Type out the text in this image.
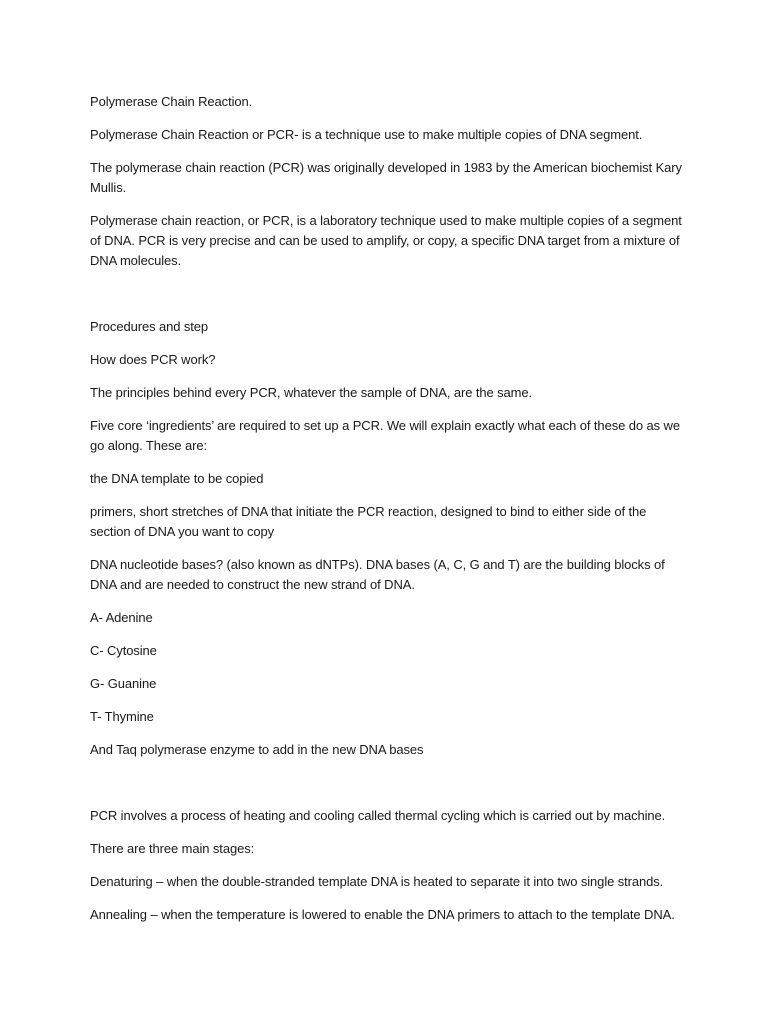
Polymerase Chain Reaction.

Polymerase Chain Reaction or PCR- is a technique use to make multiple copies of DNA segment.

The polymerase chain reaction (PCR) was originally developed in 1983 by the American biochemist Kary Mullis.

Polymerase chain reaction, or PCR, is a laboratory technique used to make multiple copies of a segment of DNA. PCR is very precise and can be used to amplify, or copy, a specific DNA target from a mixture of DNA molecules.

Procedures and step

How does PCR work?

The principles behind every PCR, whatever the sample of DNA, are the same.

Five core ‘ingredients’ are required to set up a PCR. We will explain exactly what each of these do as we go along. These are:

the DNA template to be copied

primers, short stretches of DNA that initiate the PCR reaction, designed to bind to either side of the section of DNA you want to copy

DNA nucleotide bases? (also known as dNTPs). DNA bases (A, C, G and T) are the building blocks of DNA and are needed to construct the new strand of DNA.

A- Adenine

C- Cytosine

G- Guanine

T- Thymine

And Taq polymerase enzyme to add in the new DNA bases

PCR involves a process of heating and cooling called thermal cycling which is carried out by machine.

There are three main stages:

Denaturing – when the double-stranded template DNA is heated to separate it into two single strands.

Annealing – when the temperature is lowered to enable the DNA primers to attach to the template DNA.
